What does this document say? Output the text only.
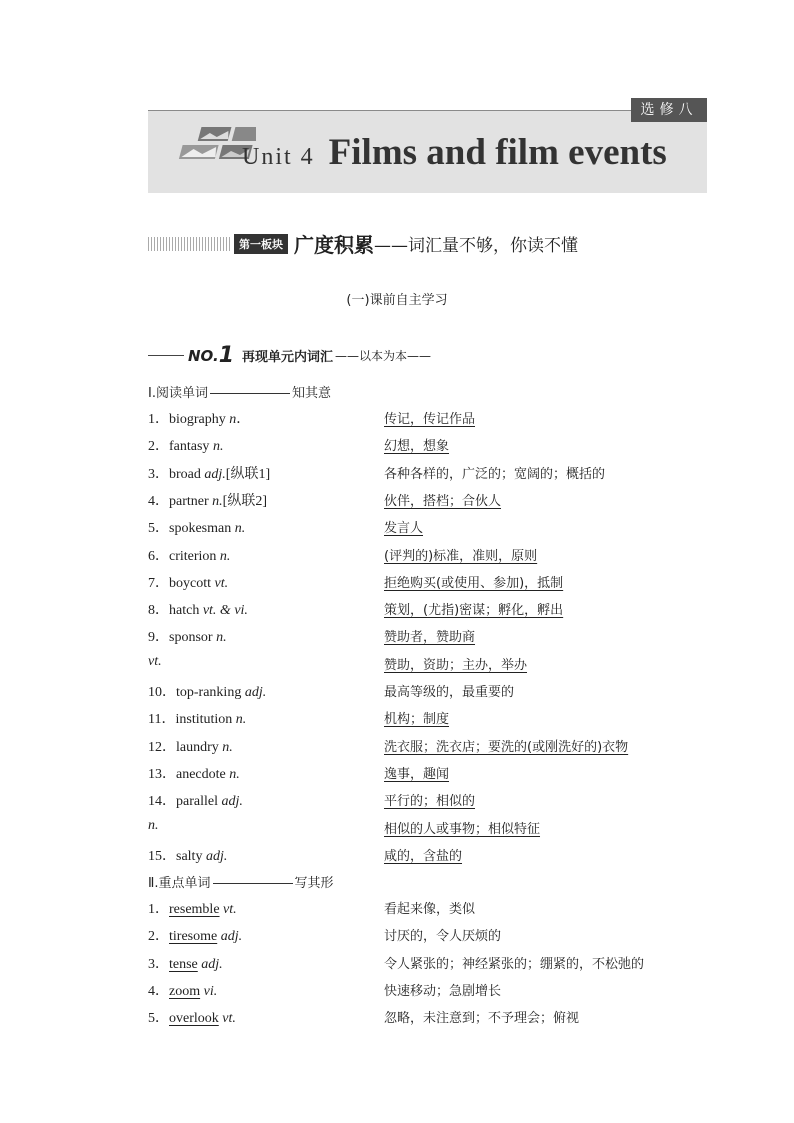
选修八
Unit 4 Films and film events
第一板块 广度积累——词汇量不够，你读不懂
(一)课前自主学习
NO.1 再现单元内词汇 ——以本为本——
Ⅰ.阅读单词	知其意
1．biography n．	传记，传记作品
2．fantasy n.	幻想，想象
3．broad adj.[纵联1]	各种各样的，广泛的；宽阔的；概括的
4．partner n.[纵联2]	伙伴，搭档；合伙人
5．spokesman n.	发言人
6．criterion n.	(评判的)标准，准则，原则
7．boycott vt.	拒绝购买(或使用、参加)，抵制
8．hatch vt. & vi.	策划，(尤指)密谋；孵化，孵出
9．sponsor n.	赞助者，赞助商
vt.	赞助，资助；主办，举办
10．top-ranking adj.	最高等级的，最重要的
11．institution n.	机构；制度
12．laundry n.	洗衣服；洗衣店；要洗的(或刚洗好的)衣物
13．anecdote n.	逸事，趣闻
14．parallel adj.	平行的；相似的
n.	相似的人或事物；相似特征
15．salty adj.	咸的，含盐的
Ⅱ.重点单词	写其形
1．resemble vt.	看起来像，类似
2．tiresome adj.	讨厌的，令人厌烦的
3．tense adj.	令人紧张的；神经紧张的；绷紧的，不松弛的
4．zoom vi.	快速移动；急剧增长
5．overlook vt.	忽略，未注意到；不予理会；俯视
